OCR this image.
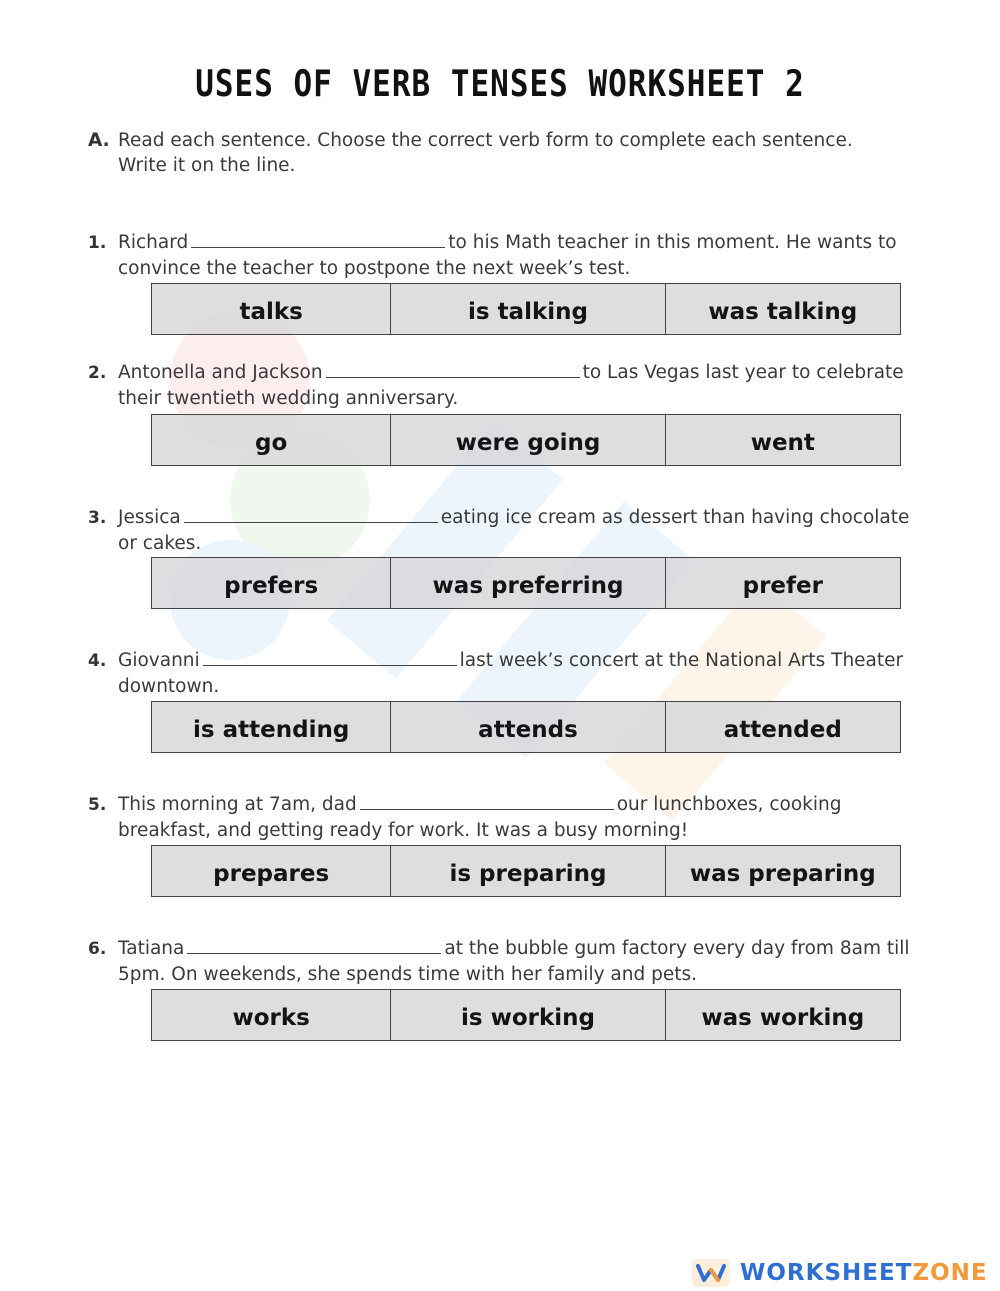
USES OF VERB TENSES WORKSHEET 2
A. Read each sentence. Choose the correct verb form to complete each sentence.
Write it on the line.
1. Richard	to his Math teacher in this moment. He wants to
convince the teacher to postpone the next week’s test.
talks	is talking	was talking
2. Antonella and Jackson	to Las Vegas last year to celebrate
their twentieth wedding anniversary.
go	were going	went
3. Jessica	eating ice cream as dessert than having chocolate
or cakes.
prefers	was preferring	prefer
4. Giovanni	last week’s concert at the National Arts Theater
downtown.
is attending	attends	attended
5. This morning at 7am, dad	our lunchboxes, cooking
breakfast, and getting ready for work. It was a busy morning!
prepares	is preparing	was preparing
6. Tatiana	at the bubble gum factory every day from 8am till
5pm. On weekends, she spends time with her family and pets.
works	is working	was working
WORKSHEETZONE
